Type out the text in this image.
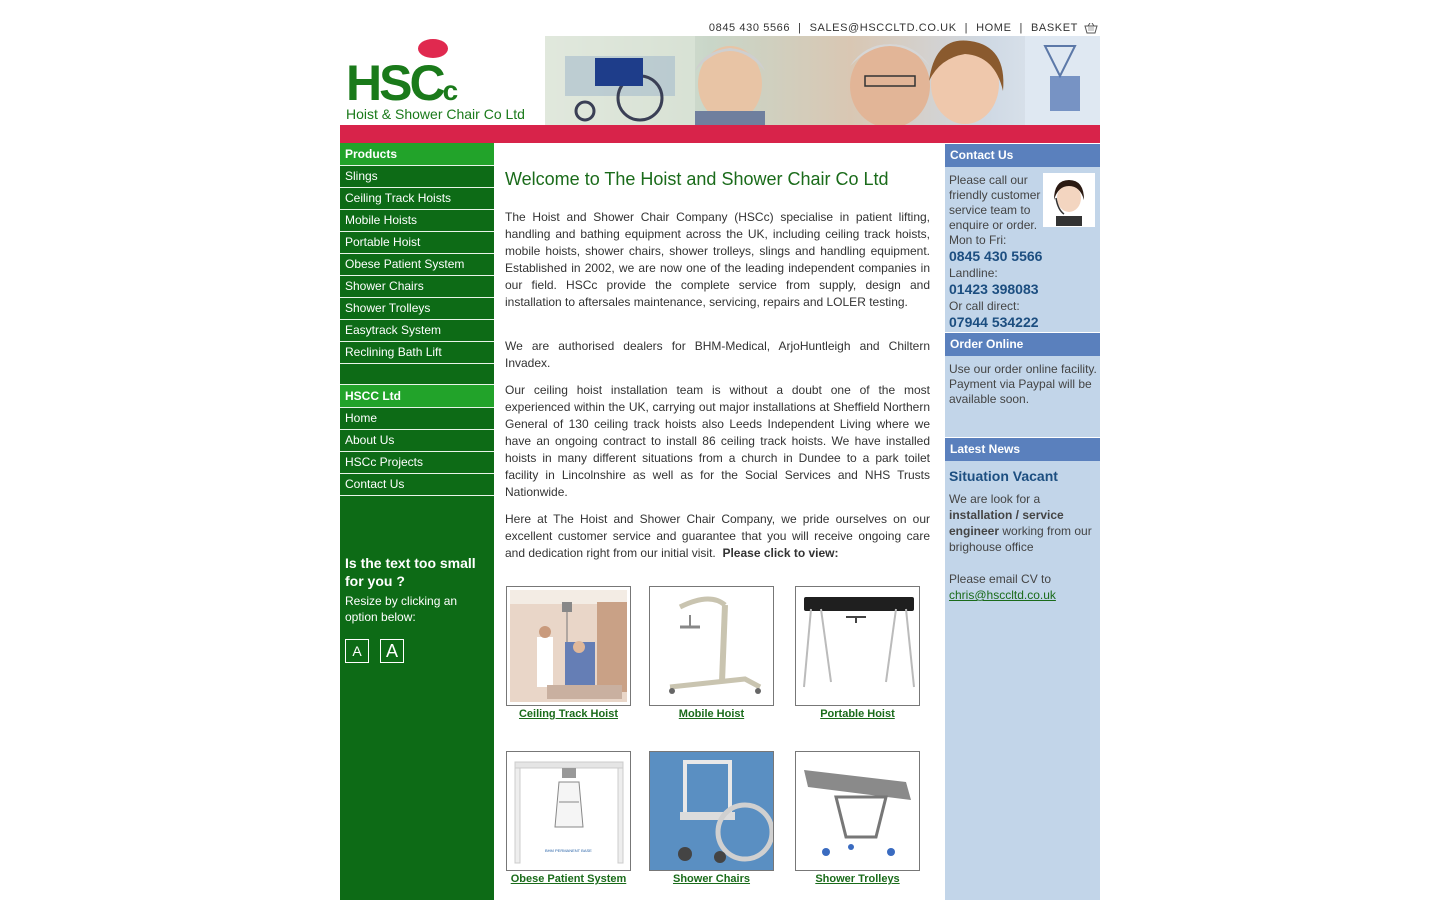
0845 430 5566 | SALES@HSCCLTD.CO.UK | HOME | BASKET
HSCc
Hoist & Shower Chair Co Ltd
Products
Slings
Ceiling Track Hoists
Mobile Hoists
Portable Hoist
Obese Patient System
Shower Chairs
Shower Trolleys
Easytrack System
Reclining Bath Lift
HSCC Ltd
Home
About Us
HSCc Projects
Contact Us
Is the text too small for you ?
Resize by clicking an option below:
A	A
Welcome to The Hoist and Shower Chair Co Ltd

The Hoist and Shower Chair Company (HSCc) specialise in patient lifting, handling and bathing equipment across the UK, including ceiling track hoists, mobile hoists, shower chairs, shower trolleys, slings and handling equipment. Established in 2002, we are now one of the leading independent companies in our field. HSCc provide the complete service from supply, design and installation to aftersales maintenance, servicing, repairs and LOLER testing.

We are authorised dealers for BHM-Medical, ArjoHuntleigh and Chiltern Invadex.

Our ceiling hoist installation team is without a doubt one of the most experienced within the UK, carrying out major installations at Sheffield Northern General of 130 ceiling track hoists also Leeds Independent Living where we have an ongoing contract to install 86 ceiling track hoists. We have installed hoists in many different situations from a church in Dundee to a park toilet facility in Lincolnshire as well as for the Social Services and NHS Trusts Nationwide.

Here at The Hoist and Shower Chair Company, we pride ourselves on our excellent customer service and guarantee that you will receive ongoing care and dedication right from our initial visit. Please click to view:

Ceiling Track Hoist	Mobile Hoist	Portable Hoist
BHM PERMANENT BASE
Obese Patient System	Shower Chairs	Shower Trolleys
Contact Us
Please call our friendly customer service team to enquire or order.
Mon to Fri:
0845 430 5566
Landline:
01423 398083
Or call direct:
07944 534222
Order Online
Use our order online facility. Payment via Paypal will be available soon.
Latest News
Situation Vacant
We are look for a
installation / service engineer working from our brighouse office

Please email CV to
chris@hsccltd.co.uk
